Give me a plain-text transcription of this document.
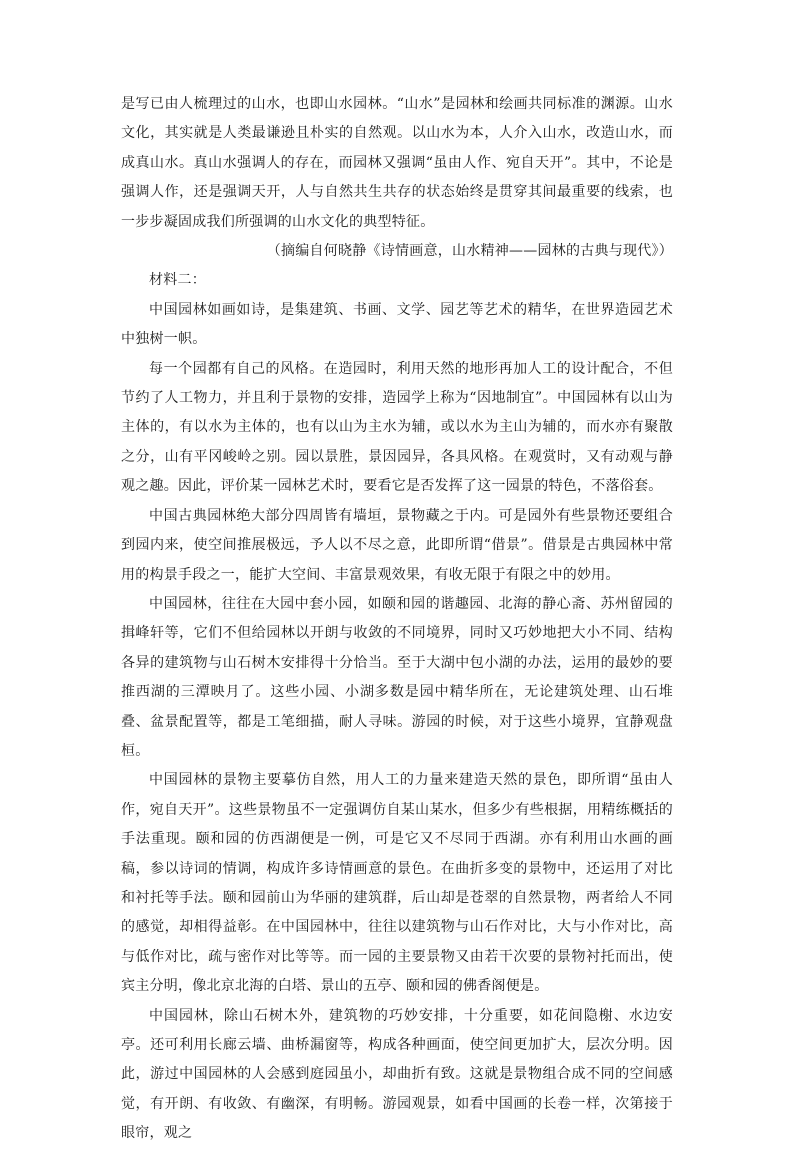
是写已由人梳理过的山水，也即山水园林。“山水”是园林和绘画共同标准的渊源。山水文化，其实就是人类最谦逊且朴实的自然观。以山水为本，人介入山水，改造山水，而成真山水。真山水强调人的存在，而园林又强调“虽由人作、宛自天开”。其中，不论是强调人作，还是强调天开，人与自然共生共存的状态始终是贯穿其间最重要的线索，也一步步凝固成我们所强调的山水文化的典型特征。

（摘编自何晓静《诗情画意，山水精神——园林的古典与现代》）

材料二：

中国园林如画如诗，是集建筑、书画、文学、园艺等艺术的精华，在世界造园艺术中独树一帜。

每一个园都有自己的风格。在造园时，利用天然的地形再加人工的设计配合，不但节约了人工物力，并且利于景物的安排，造园学上称为“因地制宜”。中国园林有以山为主体的，有以水为主体的，也有以山为主水为辅，或以水为主山为辅的，而水亦有聚散之分，山有平冈峻岭之别。园以景胜，景因园异，各具风格。在观赏时，又有动观与静观之趣。因此，评价某一园林艺术时，要看它是否发挥了这一园景的特色，不落俗套。

中国古典园林绝大部分四周皆有墙垣，景物藏之于内。可是园外有些景物还要组合到园内来，使空间推展极远，予人以不尽之意，此即所谓“借景”。借景是古典园林中常用的构景手段之一，能扩大空间、丰富景观效果，有收无限于有限之中的妙用。

中国园林，往往在大园中套小园，如颐和园的谐趣园、北海的静心斋、苏州留园的揖峰轩等，它们不但给园林以开朗与收敛的不同境界，同时又巧妙地把大小不同、结构各异的建筑物与山石树木安排得十分恰当。至于大湖中包小湖的办法，运用的最妙的要推西湖的三潭映月了。这些小园、小湖多数是园中精华所在，无论建筑处理、山石堆叠、盆景配置等，都是工笔细描，耐人寻味。游园的时候，对于这些小境界，宜静观盘桓。

中国园林的景物主要摹仿自然，用人工的力量来建造天然的景色，即所谓“虽由人作，宛自天开”。这些景物虽不一定强调仿自某山某水，但多少有些根据，用精练概括的手法重现。颐和园的仿西湖便是一例，可是它又不尽同于西湖。亦有利用山水画的画稿，参以诗词的情调，构成许多诗情画意的景色。在曲折多变的景物中，还运用了对比和衬托等手法。颐和园前山为华丽的建筑群，后山却是苍翠的自然景物，两者给人不同的感觉，却相得益彰。在中国园林中，往往以建筑物与山石作对比，大与小作对比，高与低作对比，疏与密作对比等等。而一园的主要景物又由若干次要的景物衬托而出，使宾主分明，像北京北海的白塔、景山的五亭、颐和园的佛香阁便是。

中国园林，除山石树木外，建筑物的巧妙安排，十分重要，如花间隐榭、水边安亭。还可利用长廊云墙、曲桥漏窗等，构成各种画面，使空间更加扩大，层次分明。因此，游过中国园林的人会感到庭园虽小，却曲折有致。这就是景物组合成不同的空间感觉，有开朗、有收敛、有幽深，有明畅。游园观景，如看中国画的长卷一样，次第接于眼帘，观之
